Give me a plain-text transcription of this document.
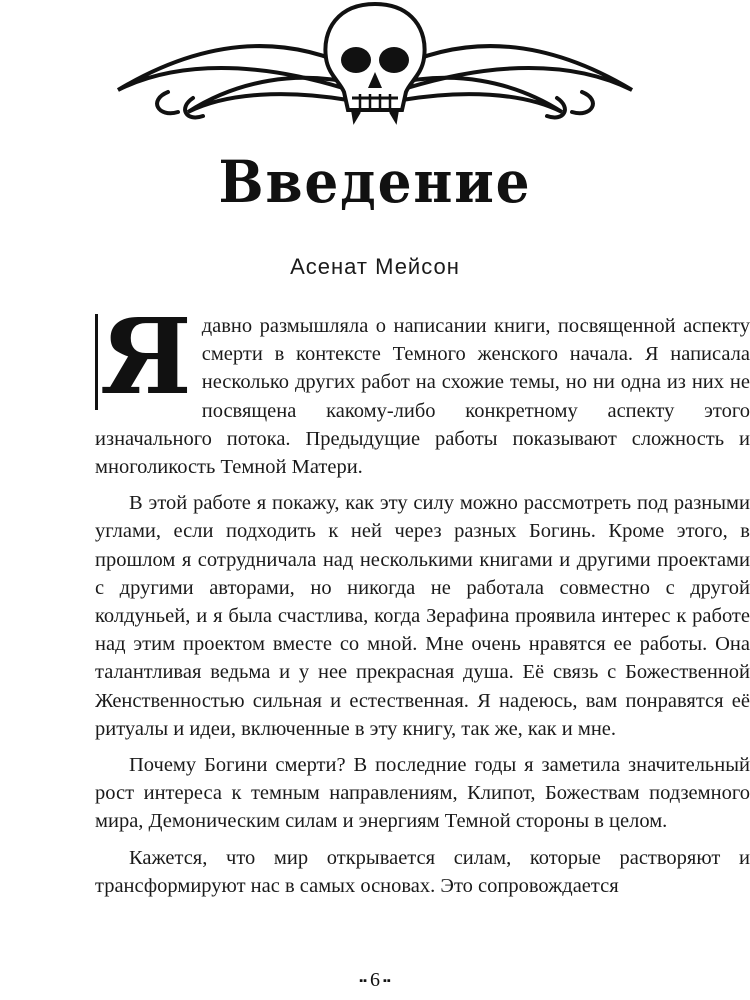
Введение
Асенат Мейсон

Я давно размышляла о написании книги, посвященной аспекту смерти в контексте Темного женского начала. Я написала несколько других работ на схожие темы, но ни одна из них не посвящена какому-либо конкретному аспекту этого изначального потока. Предыдущие работы показывают сложность и многоликость Темной Матери.

В этой работе я покажу, как эту силу можно рассмотреть под разными углами, если подходить к ней через разных Богинь. Кроме этого, в прошлом я сотрудничала над несколькими книгами и другими проектами с другими авторами, но никогда не работала совместно с другой колдуньей, и я была счастлива, когда Зерафина проявила интерес к работе над этим проектом вместе со мной. Мне очень нравятся ее работы. Она талантливая ведьма и у нее прекрасная душа. Её связь с Божественной Женственностью сильная и естественная. Я надеюсь, вам понравятся её ритуалы и идеи, включенные в эту книгу, так же, как и мне.

Почему Богини смерти? В последние годы я заметила значительный рост интереса к темным направлениям, Клипот, Божествам подземного мира, Демоническим силам и энергиям Темной стороны в целом.

Кажется, что мир открывается силам, которые растворяют и трансформируют нас в самых основах. Это сопровождается

▪▪ 6 ▪▪
